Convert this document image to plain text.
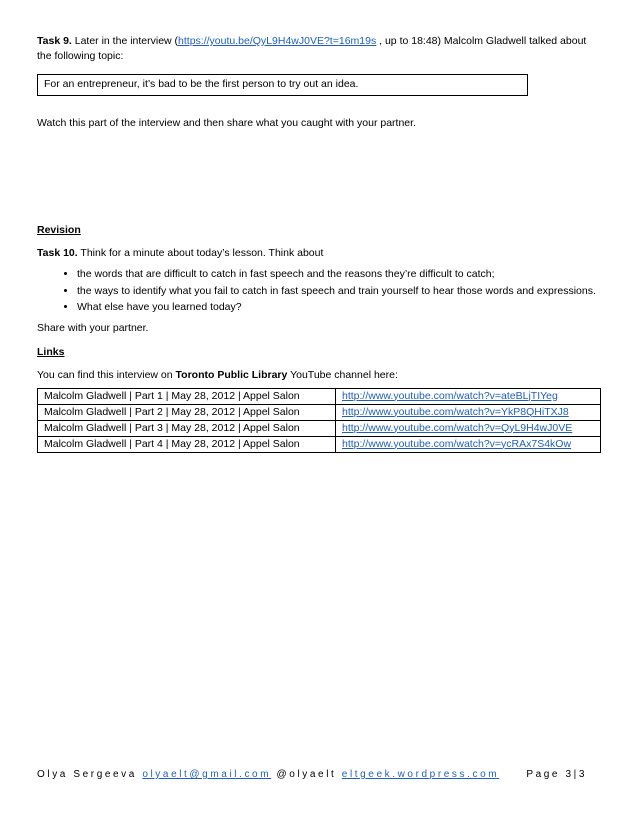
Task 9. Later in the interview (https://youtu.be/QyL9H4wJ0VE?t=16m19s , up to 18:48) Malcolm Gladwell talked about the following topic:

For an entrepreneur, it’s bad to be the first person to try out an idea.

Watch this part of the interview and then share what you caught with your partner.

Revision

Task 10. Think for a minute about today’s lesson. Think about

• the words that are difficult to catch in fast speech and the reasons they’re difficult to catch;
• the ways to identify what you fail to catch in fast speech and train yourself to hear those words and expressions.
• What else have you learned today?

Share with your partner.

Links

You can find this interview on Toronto Public Library YouTube channel here:

Malcolm Gladwell | Part 1 | May 28, 2012 | Appel Salon	http://www.youtube.com/watch?v=ateBLjTIYeg
Malcolm Gladwell | Part 2 | May 28, 2012 | Appel Salon	http://www.youtube.com/watch?v=YkP8QHiTXJ8
Malcolm Gladwell | Part 3 | May 28, 2012 | Appel Salon	http://www.youtube.com/watch?v=QyL9H4wJ0VE
Malcolm Gladwell | Part 4 | May 28, 2012 | Appel Salon	http://www.youtube.com/watch?v=ycRAx7S4kOw
Olya Sergeeva olyaelt@gmail.com @olyaelt eltgeek.wordpress.com	Page 3|3
